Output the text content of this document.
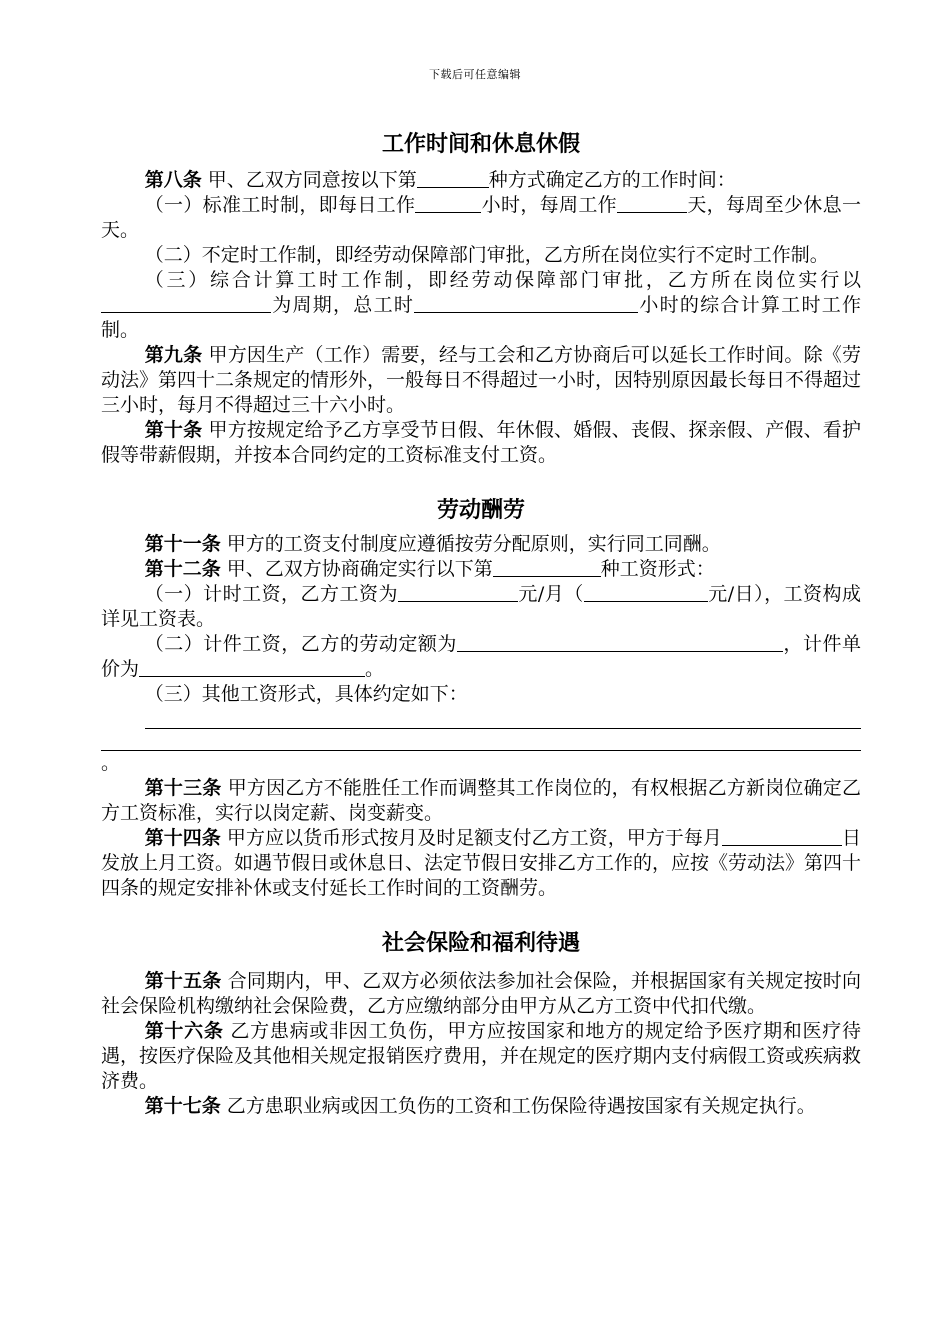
下载后可任意编辑
工作时间和休息休假

第八条 甲、乙双方同意按以下第	种方式确定乙方的工作时间：

（一）标准工时制，即每日工作	小时，每周工作	天，每周至少休息一天。

（二）不定时工作制，即经劳动保障部门审批，乙方所在岗位实行不定时工作制。

（三）综合计算工时工作制，即经劳动保障部门审批，乙方所在岗位实行以为周期，总工时	小时的综合计算工时工作制。

第九条 甲方因生产（工作）需要，经与工会和乙方协商后可以延长工作时间。除《劳动法》第四十二条规定的情形外，一般每日不得超过一小时，因特别原因最长每日不得超过三小时，每月不得超过三十六小时。

第十条 甲方按规定给予乙方享受节日假、年休假、婚假、丧假、探亲假、产假、看护假等带薪假期，并按本合同约定的工资标准支付工资。

劳动酬劳

第十一条 甲方的工资支付制度应遵循按劳分配原则，实行同工同酬。

第十二条 甲、乙双方协商确定实行以下第	种工资形式：

（一）计时工资，乙方工资为	元/月（	元/日），工资构成详见工资表。

（二）计件工资，乙方的劳动定额为	，计件单价为	。

（三）其他工资形式，具体约定如下：

。

第十三条 甲方因乙方不能胜任工作而调整其工作岗位的，有权根据乙方新岗位确定乙方工资标准，实行以岗定薪、岗变薪变。

第十四条 甲方应以货币形式按月及时足额支付乙方工资，甲方于每月	日发放上月工资。如遇节假日或休息日、法定节假日安排乙方工作的，应按《劳动法》第四十四条的规定安排补休或支付延长工作时间的工资酬劳。

社会保险和福利待遇

第十五条 合同期内，甲、乙双方必须依法参加社会保险，并根据国家有关规定按时向社会保险机构缴纳社会保险费，乙方应缴纳部分由甲方从乙方工资中代扣代缴。

第十六条 乙方患病或非因工负伤，甲方应按国家和地方的规定给予医疗期和医疗待遇，按医疗保险及其他相关规定报销医疗费用，并在规定的医疗期内支付病假工资或疾病救济费。

第十七条 乙方患职业病或因工负伤的工资和工伤保险待遇按国家有关规定执行。
